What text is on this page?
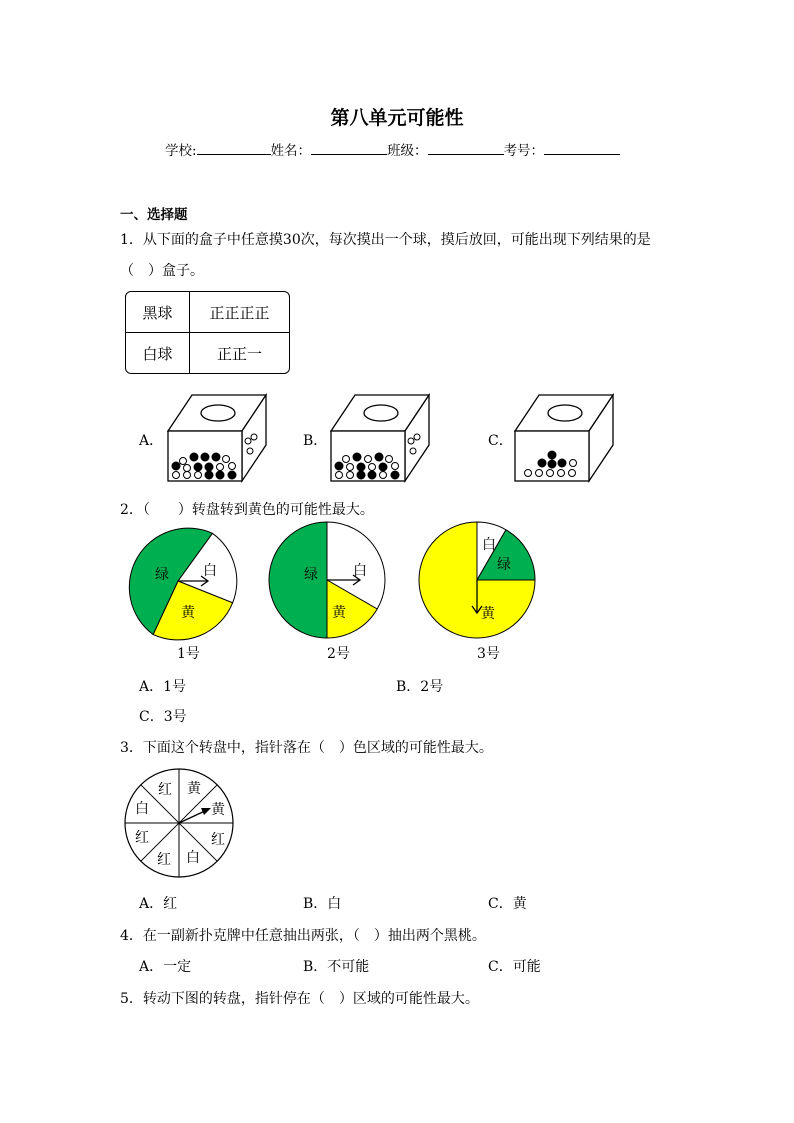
第八单元可能性
学校:	姓名：	班级：	考号：
一、选择题
1．从下面的盒子中任意摸30次，每次摸出一个球，摸后放回，可能出现下列结果的是
（　）盒子。
黑球	正正正正
白球	正正一
A．	B．	C．
2．（　　）转盘转到黄色的可能性最大。
绿 白
黄
1号
绿	白
黄
2号
白
绿
黄
3号
A．1号	B．2号
C．3号
3．下面这个转盘中，指针落在（　）色区域的可能性最大。
黄
黄
红
白
红
红
白
红
A．红	B．白	C．黄
4．在一副新扑克牌中任意抽出两张，（　）抽出两个黑桃。
A．一定	B．不可能	C．可能
5．转动下图的转盘，指针停在（　）区域的可能性最大。
